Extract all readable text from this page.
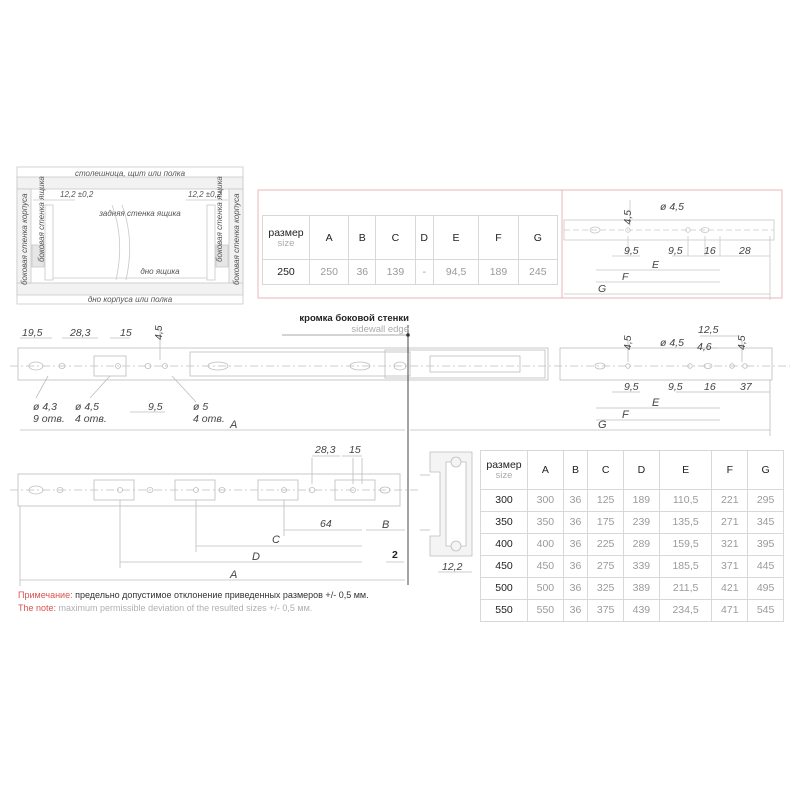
столешница, щит или полка
дно корпуса или полка
задняя стенка ящика
дно ящика
12,2 ±0,2	12,2 ±0,2
боковая стенка корпуса	боковая стенка корпуса
боковая стенка ящика	боковая стенка ящика	4,5
ø 4,5
9,5	9,5 16 28
E
F
G
19,5	28,3	15 4,5
ø 4,3
9 отв.
ø 4,5
4 отв.
9,5	ø 5
4 отв. A
12,5
ø 4,5 4,6
4,5	4,5
9,5	9,5 16 37
E
F
G
28,3 15
64	B
C
D
A
2
12,2
размер
size	A	B	C	D	E	F	G
250	250	36	139	-	94,5	189	245
кромка боковой стенки
sidewall edge
размер
size	A	B	C	D	E	F	G
300	300	36	125	189	110,5	221	295
350	350	36	175	239	135,5	271	345
400	400	36	225	289	159,5	321	395
450	450	36	275	339	185,5	371	445
500	500	36	325	389	211,5	421	495
550	550	36	375	439	234,5	471	545
Примечание: предельно допустимое отклонение приведенных размеров +/- 0,5 мм.
The note: maximum permissible deviation of the resulted sizes +/- 0,5 мм.
